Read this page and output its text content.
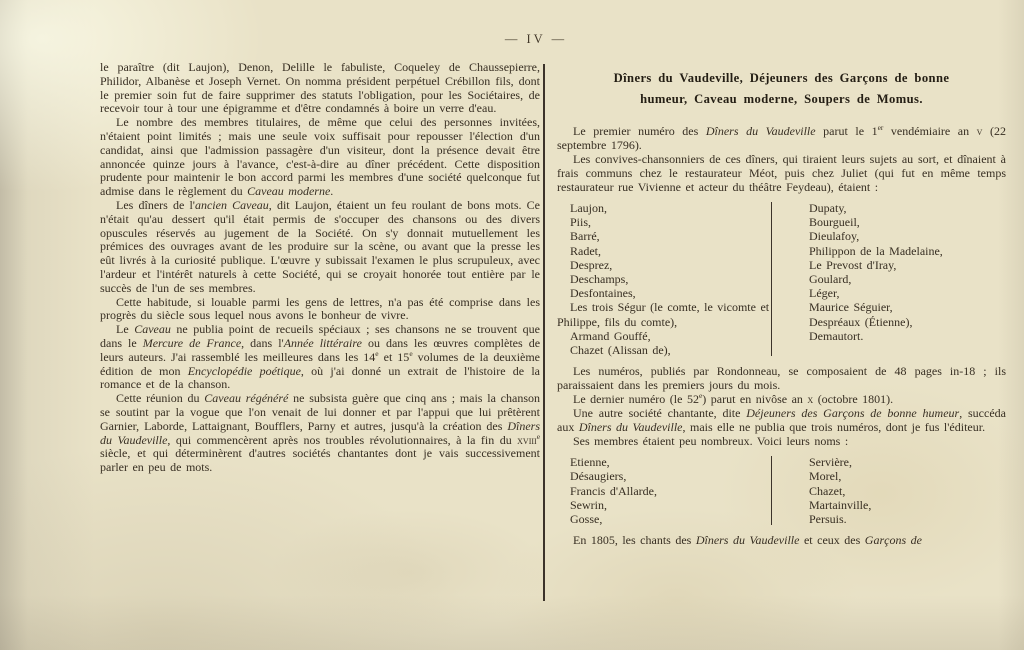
— IV —

le paraître (dit Laujon), Denon, Delille le fabuliste, Coqueley de Chaussepierre, Philidor, Albanèse et Joseph Vernet. On nomma président perpétuel Crébillon fils, dont le premier soin fut de faire supprimer des statuts l'obligation, pour les Sociétaires, de recevoir tour à tour une épigramme et d'être condamnés à boire un verre d'eau.

Le nombre des membres titulaires, de même que celui des personnes invitées, n'étaient point limités ; mais une seule voix suffisait pour repousser l'élection d'un candidat, ainsi que l'admission passagère d'un visiteur, dont la présence devait être annoncée quinze jours à l'avance, c'est-à-dire au dîner précédent. Cette disposition prudente pour maintenir le bon accord parmi les membres d'une société quelconque fut admise dans le règlement du Caveau moderne.

Les dîners de l'ancien Caveau, dit Laujon, étaient un feu roulant de bons mots. Ce n'était qu'au dessert qu'il était permis de s'occuper des chansons ou des divers opuscules réservés au jugement de la Société. On s'y donnait mutuellement les prémices des ouvrages avant de les produire sur la scène, ou avant que la presse les eût livrés à la curiosité publique. L'œuvre y subissait l'examen le plus scrupuleux, avec l'ardeur et l'intérêt naturels à cette Société, qui se croyait honorée tout entière par le succès de l'un de ses membres.

Cette habitude, si louable parmi les gens de lettres, n'a pas été comprise dans les progrès du siècle sous lequel nous avons le bonheur de vivre.

Le Caveau ne publia point de recueils spéciaux ; ses chansons ne se trouvent que dans le Mercure de France, dans l'Année littéraire ou dans les œuvres complètes de leurs auteurs. J'ai rassemblé les meilleures dans les 14e et 15e volumes de la deuxième édition de mon Encyclopédie poétique, où j'ai donné un extrait de l'histoire de la romance et de la chanson.

Cette réunion du Caveau régénéré ne subsista guère que cinq ans ; mais la chanson se soutint par la vogue que l'on venait de lui donner et par l'appui que lui prêtèrent Garnier, Laborde, Lattaignant, Boufflers, Parny et autres, jusqu'à la création des Dîners du Vaudeville, qui commencèrent après nos troubles révolutionnaires, à la fin du xviii$^e$ siècle, et qui déterminèrent d'autres sociétés chantantes dont je vais successivement parler en peu de mots.

Dîners du Vaudeville, Déjeuners des Garçons de bonne
humeur, Caveau moderne, Soupers de Momus.

Le premier numéro des Dîners du Vaudeville parut le 1er vendémiaire an v (22 septembre 1796).

Les convives-chansonniers de ces dîners, qui tiraient leurs sujets au sort, et dînaient à frais communs chez le restaurateur Méot, puis chez Juliet (qui fut en même temps restaurateur rue Vivienne et acteur du théâtre Feydeau), étaient :

Laujon,
Piis,
Barré,
Radet,
Desprez,
Deschamps,
Desfontaines,
Les trois Ségur (le comte, le vicomte et Philippe, fils du comte),
Armand Gouffé,
Chazet (Alissan de),
Dupaty,
Bourgueil,
Dieulafoy,
Philippon de la Madelaine,
Le Prevost d'Iray,
Goulard,
Léger,
Maurice Séguier,
Despréaux (Étienne),
Demautort.

Les numéros, publiés par Rondonneau, se composaient de 48 pages in-18 ; ils paraissaient dans les premiers jours du mois.

Le dernier numéro (le 52e) parut en nivôse an x (octobre 1801).

Une autre société chantante, dite Déjeuners des Garçons de bonne humeur, succéda aux Dîners du Vaudeville, mais elle ne publia que trois numéros, dont je fus l'éditeur.

Ses membres étaient peu nombreux. Voici leurs noms :

Etienne,
Désaugiers,
Francis d'Allarde,
Sewrin,
Gosse,
Servière,
Morel,
Chazet,
Martainville,
Persuis.

En 1805, les chants des Dîners du Vaudeville et ceux des Garçons de
